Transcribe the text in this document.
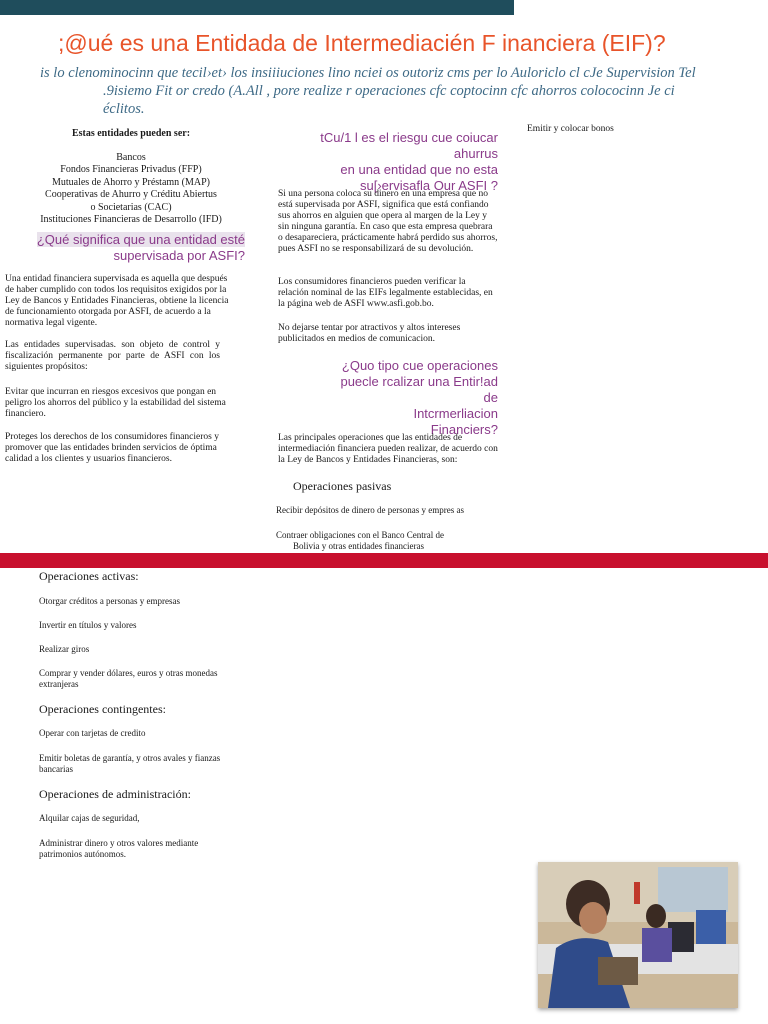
;@ué es una Entidada de Intermediacién F inanciera (EIF)?
is lo clenominocinn que tecil›et› los insiiiuciones lino nciei os outoriz cms per lo Auloriclo cl cJe Supervision Tel
.9isiemo Fit or credo (A.All , pore realize r operaciones cfc coptocinn cfc ahorros colococinn Je ci éclitos.
Estas entidades pueden ser:
Bancos
Fondos Financieras Privadus (FFP)
Mutuales de Ahorro y Préstamn (MAP)
Cooperativas de Ahurro y Créditu Abiertus
o Societarias (CAC)
Instituciones Financieras de Desarrollo (IFD)
¿Qué significa que una entidad esté
supervisada por ASFI?
Una entidad financiera supervisada es aquella que después de haber cumplido con todos los requisitos exigidos por la Ley de Bancos y Entidades Financieras, obtiene la licencia de funcionamiento otorgada por ASFI, de acuerdo a la normativa legal vigente.
Las entidades supervisadas. son objeto de control y fiscalización permanente por parte de ASFI con los siguientes propósitos:
Evitar que incurran en riesgos excesivos que pongan en peligro los ahorros del público y la estabilidad del sistema financiero.
Proteges los derechos de los consumidores financieros y promover que las entidades brinden servicios de óptima calidad a los clientes y usuarios financieros.
tCu/1 l es el riesgu cue coiucar ahurrus
en una entidad que no esta
su[›ervisafla Our ASFI ?
Si una persona coloca su dinero en una empresa que no está supervisada por ASFI, significa que está confiando sus ahorros en alguien que opera al margen de la Ley y sin ninguna garantía. En caso que esta empresa quebrara o desapareciera, prácticamente habrá perdido sus ahorros, pues ASFI no se responsabilizará de su devolución.
Los consumidores financieros pueden verificar la relación nominal de las EIFs legalmente establecidas, en la página web de ASFI www.asfi.gob.bo.
No dejarse tentar por atractivos y altos intereses publicitados en medios de comunicacion.
¿Quo tipo cue operaciones
puecle rcalizar una Entir!ad de
Intcrmerliacion
Financiers?
Las principales operaciones que las entidades de intermediación financiera pueden realizar, de acuerdo con la Ley de Bancos y Entidades Financieras, son:
Operaciones pasivas
Recibir depósitos de dinero de personas y empres as
Contraer obligaciones con el Banco Central de
Bolivia y otras entidades financieras
Emitir y colocar bonos
Operaciones activas:
Otorgar créditos a personas y empresas
Invertir en títulos y valores
Realizar giros
Comprar y vender dólares, euros y otras monedas extranjeras
Operaciones contingentes:
Operar con tarjetas de credito
Emitir boletas de garantía, y otros avales y fianzas bancarias
Operaciones de administración:
Alquilar cajas de seguridad,
Administrar dinero y otros valores mediante patrimonios autónomos.
